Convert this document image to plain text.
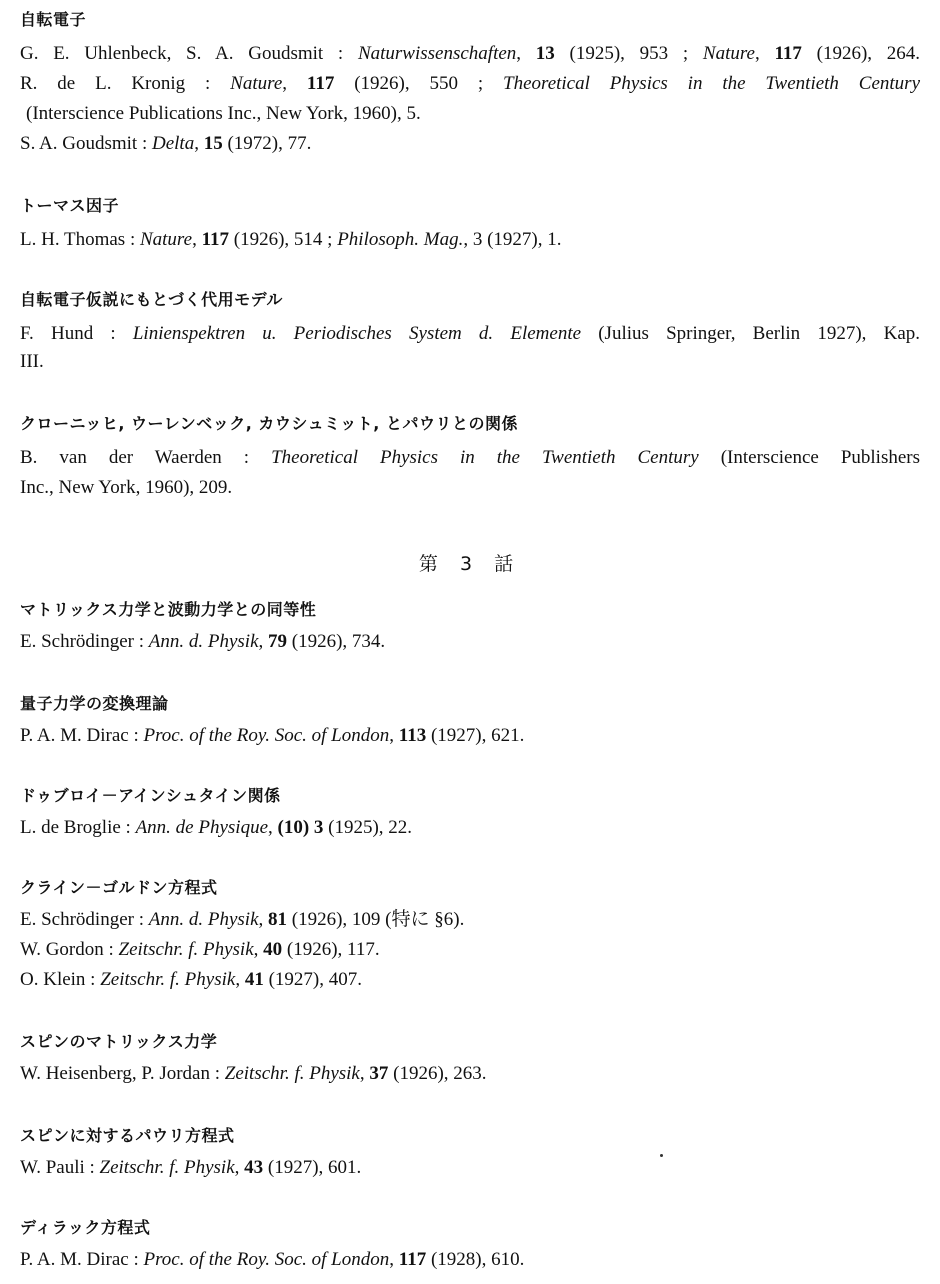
自転電子
G. E. Uhlenbeck, S. A. Goudsmit : Naturwissenschaften, 13 (1925), 953 ; Nature, 117 (1926), 264.
R. de L. Kronig : Nature, 117 (1926), 550 ; Theoretical Physics in the Twentieth Century
(Interscience Publications Inc., New York, 1960), 5.
S. A. Goudsmit : Delta, 15 (1972), 77.
トーマス因子
L. H. Thomas : Nature, 117 (1926), 514 ; Philosoph. Mag., 3 (1927), 1.
自転電子仮説にもとづく代用モデル
F. Hund : Linienspektren u. Periodisches System d. Elemente (Julius Springer, Berlin 1927), Kap.
III.
クローニッヒ, ウーレンベック, カウシュミット, とパウリとの関係
B. van der Waerden : Theoretical Physics in the Twentieth Century (Interscience Publishers
Inc., New York, 1960), 209.
第 3 話
マトリックス力学と波動力学との同等性
E. Schrödinger : Ann. d. Physik, 79 (1926), 734.
量子力学の変換理論
P. A. M. Dirac : Proc. of the Roy. Soc. of London, 113 (1927), 621.
ドゥブロイ－アインシュタイン関係
L. de Broglie : Ann. de Physique, (10) 3 (1925), 22.
クライン－ゴルドン方程式
E. Schrödinger : Ann. d. Physik, 81 (1926), 109 (特に §6).
W. Gordon : Zeitschr. f. Physik, 40 (1926), 117.
O. Klein : Zeitschr. f. Physik, 41 (1927), 407.
スピンのマトリックス力学
W. Heisenberg, P. Jordan : Zeitschr. f. Physik, 37 (1926), 263.
スピンに対するパウリ方程式
W. Pauli : Zeitschr. f. Physik, 43 (1927), 601.
ディラック方程式
P. A. M. Dirac : Proc. of the Roy. Soc. of London, 117 (1928), 610.
